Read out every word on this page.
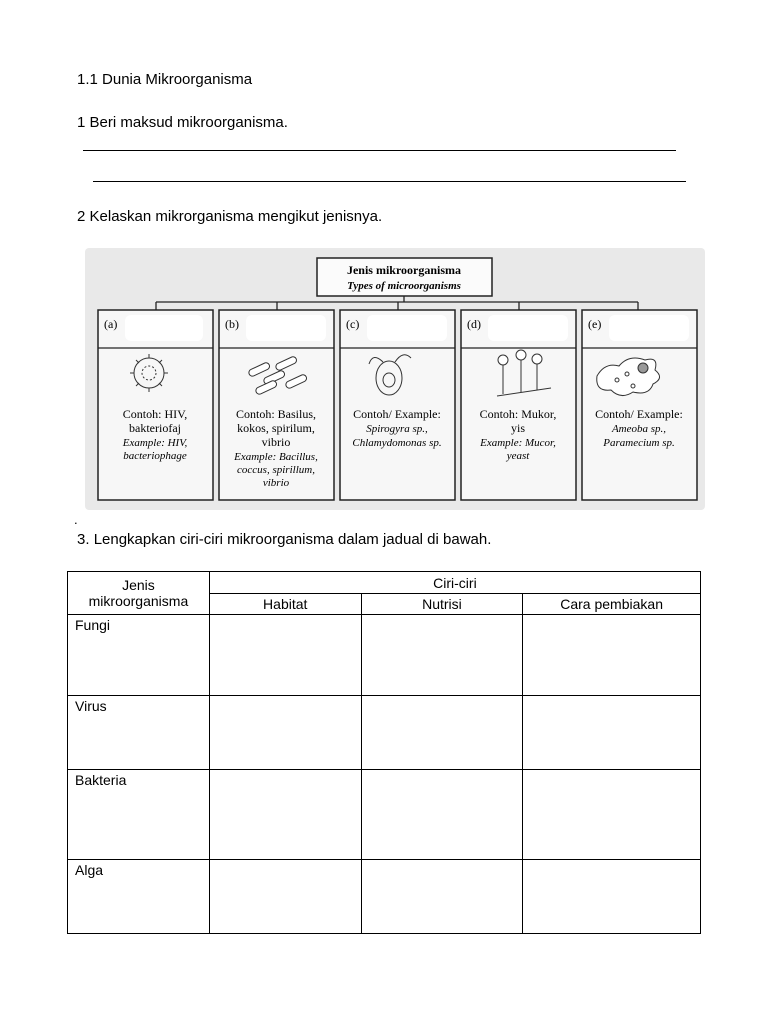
1.1 Dunia Mikroorganisma
1 Beri maksud mikroorganisma.
2 Kelaskan mikrorganisma mengikut jenisnya.
Jenis mikroorganisma
Types of microorganisms
(a)
Contoh: HIV,
bakteriofaj
Example: HIV,
bacteriophage
(b)
Contoh: Basilus,
kokos, spirilum,
vibrio
Example: Bacillus,
coccus, spirillum,
vibrio
(c)
Contoh/ Example:
Spirogyra sp.,
Chlamydomonas sp.
(d)
Contoh: Mukor,
yis
Example: Mucor,
yeast
(e)
Contoh/ Example:
Ameoba sp.,
Paramecium sp.
.
3. Lengkapkan ciri-ciri mikroorganisma dalam jadual di bawah.
Jenis
mikroorganisma	Ciri-ciri		
	Habitat	Nutrisi	Cara pembiakan
Fungi			
Virus			
Bakteria			
Alga			
